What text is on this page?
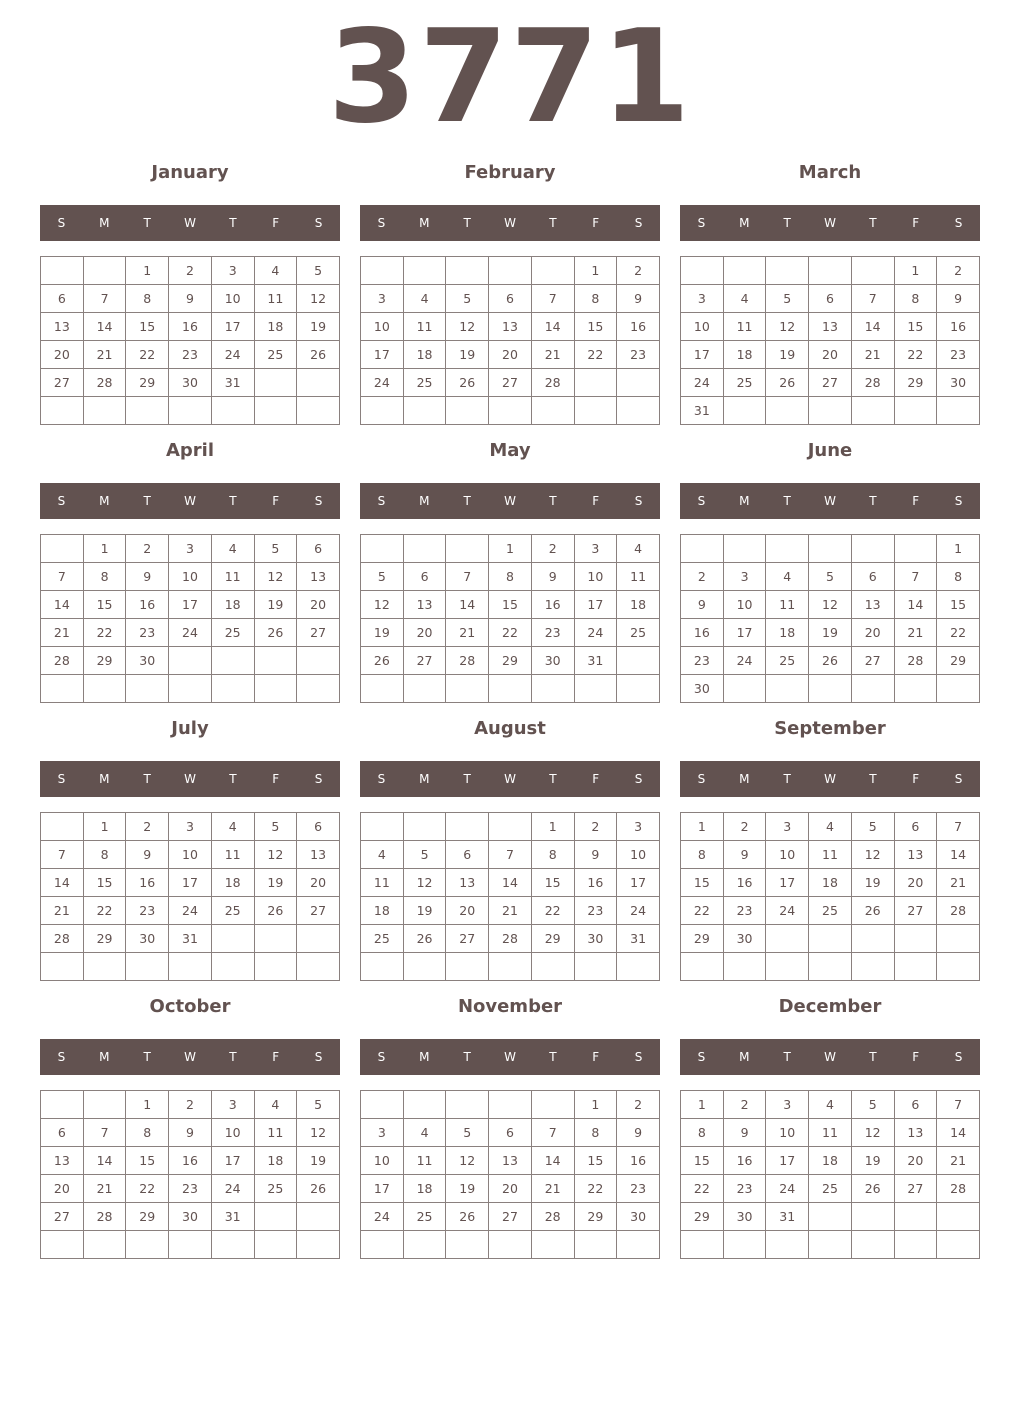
3771
January
S	M	T	W	T	F	S
		1	2	3	4	5
6	7	8	9	10	11	12
13	14	15	16	17	18	19
20	21	22	23	24	25	26
27	28	29	30	31		

February
S	M	T	W	T	F	S
					1	2
3	4	5	6	7	8	9
10	11	12	13	14	15	16
17	18	19	20	21	22	23
24	25	26	27	28		

March
S	M	T	W	T	F	S
					1	2
3	4	5	6	7	8	9
10	11	12	13	14	15	16
17	18	19	20	21	22	23
24	25	26	27	28	29	30
31						
April
S	M	T	W	T	F	S
	1	2	3	4	5	6
7	8	9	10	11	12	13
14	15	16	17	18	19	20
21	22	23	24	25	26	27
28	29	30				

May
S	M	T	W	T	F	S
			1	2	3	4
5	6	7	8	9	10	11
12	13	14	15	16	17	18
19	20	21	22	23	24	25
26	27	28	29	30	31	

June
S	M	T	W	T	F	S
						1
2	3	4	5	6	7	8
9	10	11	12	13	14	15
16	17	18	19	20	21	22
23	24	25	26	27	28	29
30						
July
S	M	T	W	T	F	S
	1	2	3	4	5	6
7	8	9	10	11	12	13
14	15	16	17	18	19	20
21	22	23	24	25	26	27
28	29	30	31			

August
S	M	T	W	T	F	S
				1	2	3
4	5	6	7	8	9	10
11	12	13	14	15	16	17
18	19	20	21	22	23	24
25	26	27	28	29	30	31

September
S	M	T	W	T	F	S
1	2	3	4	5	6	7
8	9	10	11	12	13	14
15	16	17	18	19	20	21
22	23	24	25	26	27	28
29	30					

October
S	M	T	W	T	F	S
		1	2	3	4	5
6	7	8	9	10	11	12
13	14	15	16	17	18	19
20	21	22	23	24	25	26
27	28	29	30	31		

November
S	M	T	W	T	F	S
					1	2
3	4	5	6	7	8	9
10	11	12	13	14	15	16
17	18	19	20	21	22	23
24	25	26	27	28	29	30

December
S	M	T	W	T	F	S
1	2	3	4	5	6	7
8	9	10	11	12	13	14
15	16	17	18	19	20	21
22	23	24	25	26	27	28
29	30	31				
